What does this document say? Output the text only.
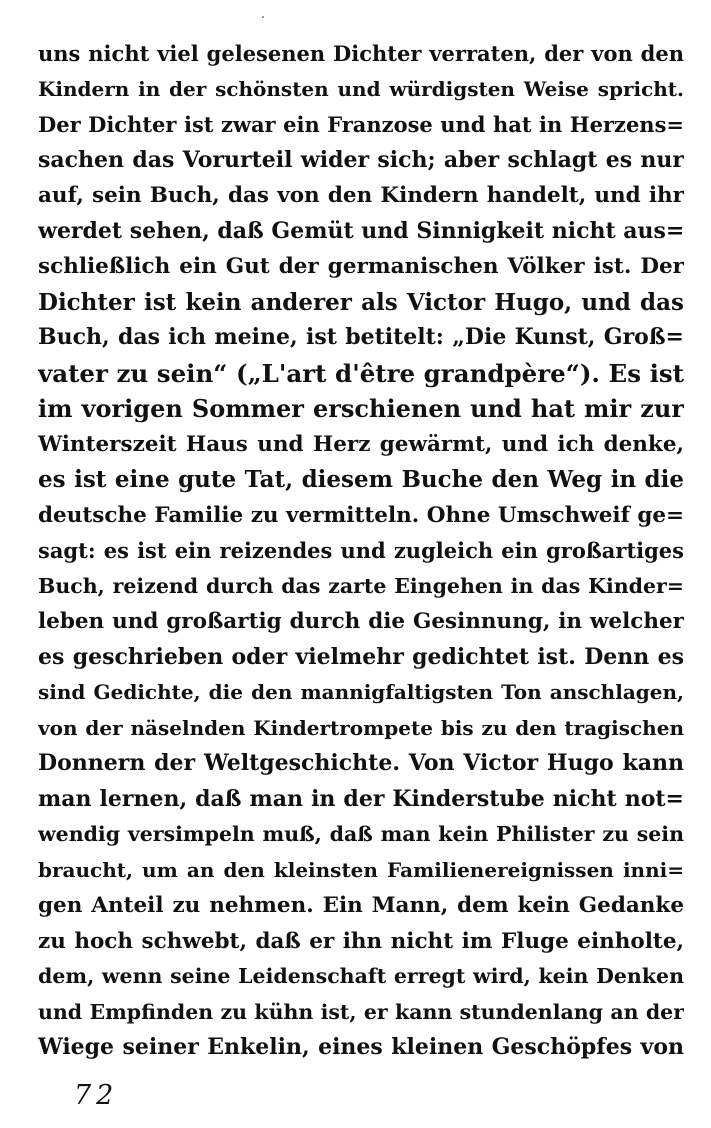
uns nicht viel gelesenen Dichter verraten, der von den
Kindern in der schönsten und würdigsten Weise spricht.
Der Dichter ist zwar ein Franzose und hat in Herzens=
sachen das Vorurteil wider sich; aber schlagt es nur
auf, sein Buch, das von den Kindern handelt, und ihr
werdet sehen, daß Gemüt und Sinnigkeit nicht aus=
schließlich ein Gut der germanischen Völker ist. Der
Dichter ist kein anderer als Victor Hugo, und das
Buch, das ich meine, ist betitelt: „Die Kunst, Groß=
vater zu sein“ („L'art d'être grandpère“). Es ist
im vorigen Sommer erschienen und hat mir zur
Winterszeit Haus und Herz gewärmt, und ich denke,
es ist eine gute Tat, diesem Buche den Weg in die
deutsche Familie zu vermitteln. Ohne Umschweif ge=
sagt: es ist ein reizendes und zugleich ein großartiges
Buch, reizend durch das zarte Eingehen in das Kinder=
leben und großartig durch die Gesinnung, in welcher
es geschrieben oder vielmehr gedichtet ist. Denn es
sind Gedichte, die den mannigfaltigsten Ton anschlagen,
von der näselnden Kindertrompete bis zu den tragischen
Donnern der Weltgeschichte. Von Victor Hugo kann
man lernen, daß man in der Kinderstube nicht not=
wendig versimpeln muß, daß man kein Philister zu sein
braucht, um an den kleinsten Familienereignissen inni=
gen Anteil zu nehmen. Ein Mann, dem kein Gedanke
zu hoch schwebt, daß er ihn nicht im Fluge einholte,
dem, wenn seine Leidenschaft erregt wird, kein Denken
und Empfinden zu kühn ist, er kann stundenlang an der
Wiege seiner Enkelin, eines kleinen Geschöpfes von
72
